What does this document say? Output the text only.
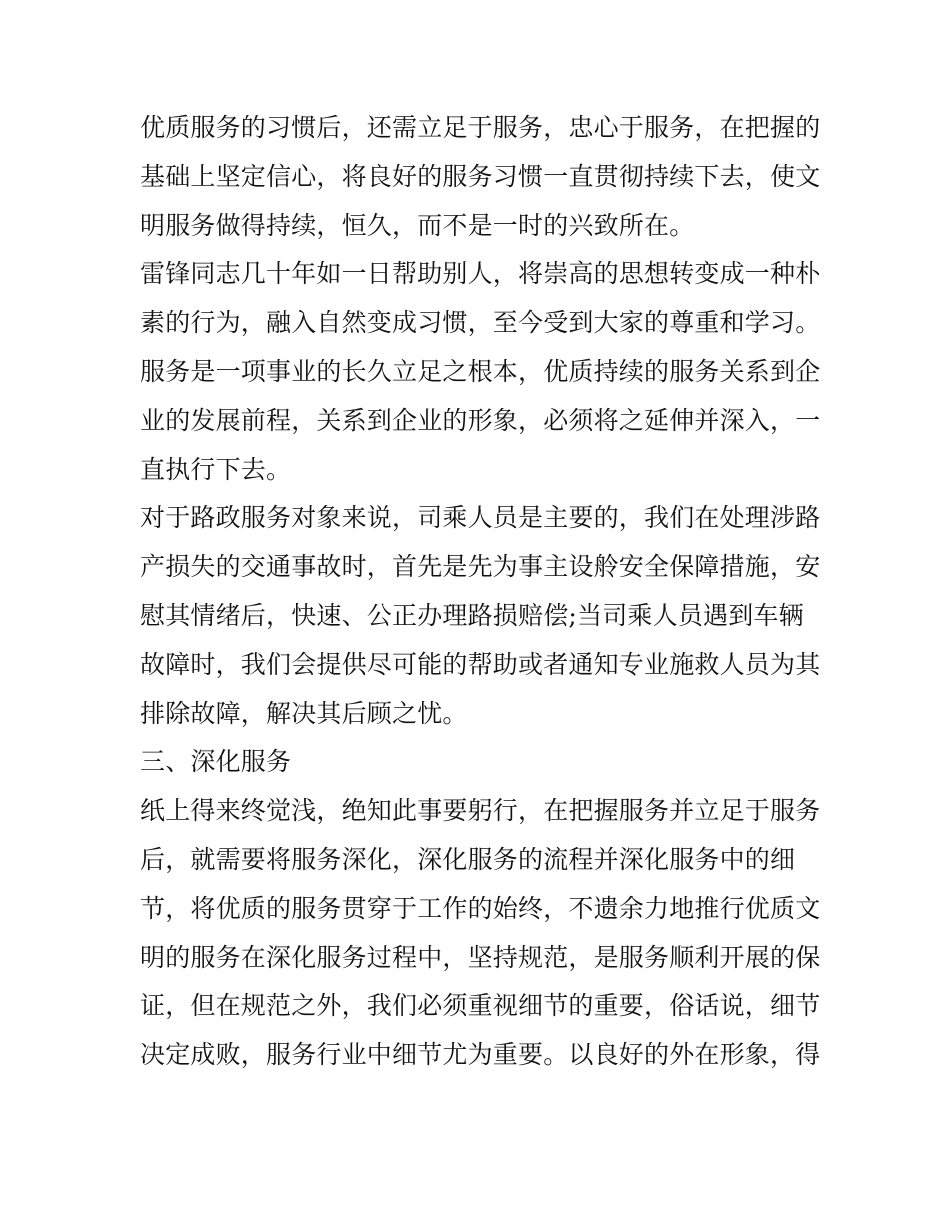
优质服务的习惯后，还需立足于服务，忠心于服务，在把握的
基础上坚定信心，将良好的服务习惯一直贯彻持续下去，使文
明服务做得持续，恒久，而不是一时的兴致所在。
雷锋同志几十年如一日帮助别人，将崇高的思想转变成一种朴
素的行为，融入自然变成习惯，至今受到大家的尊重和学习。
服务是一项事业的长久立足之根本，优质持续的服务关系到企
业的发展前程，关系到企业的形象，必须将之延伸并深入，一
直执行下去。
对于路政服务对象来说，司乘人员是主要的，我们在处理涉路
产损失的交通事故时，首先是先为事主设舲安全保障措施，安
慰其情绪后，快速、公正办理路损赔偿;当司乘人员遇到车辆
故障时，我们会提供尽可能的帮助或者通知专业施救人员为其
排除故障，解决其后顾之忧。
三、深化服务
纸上得来终觉浅，绝知此事要躬行，在把握服务并立足于服务
后，就需要将服务深化，深化服务的流程并深化服务中的细
节，将优质的服务贯穿于工作的始终，不遗余力地推行优质文
明的服务在深化服务过程中，坚持规范，是服务顺利开展的保
证，但在规范之外，我们必须重视细节的重要，俗话说，细节
决定成败，服务行业中细节尤为重要。以良好的外在形象，得
